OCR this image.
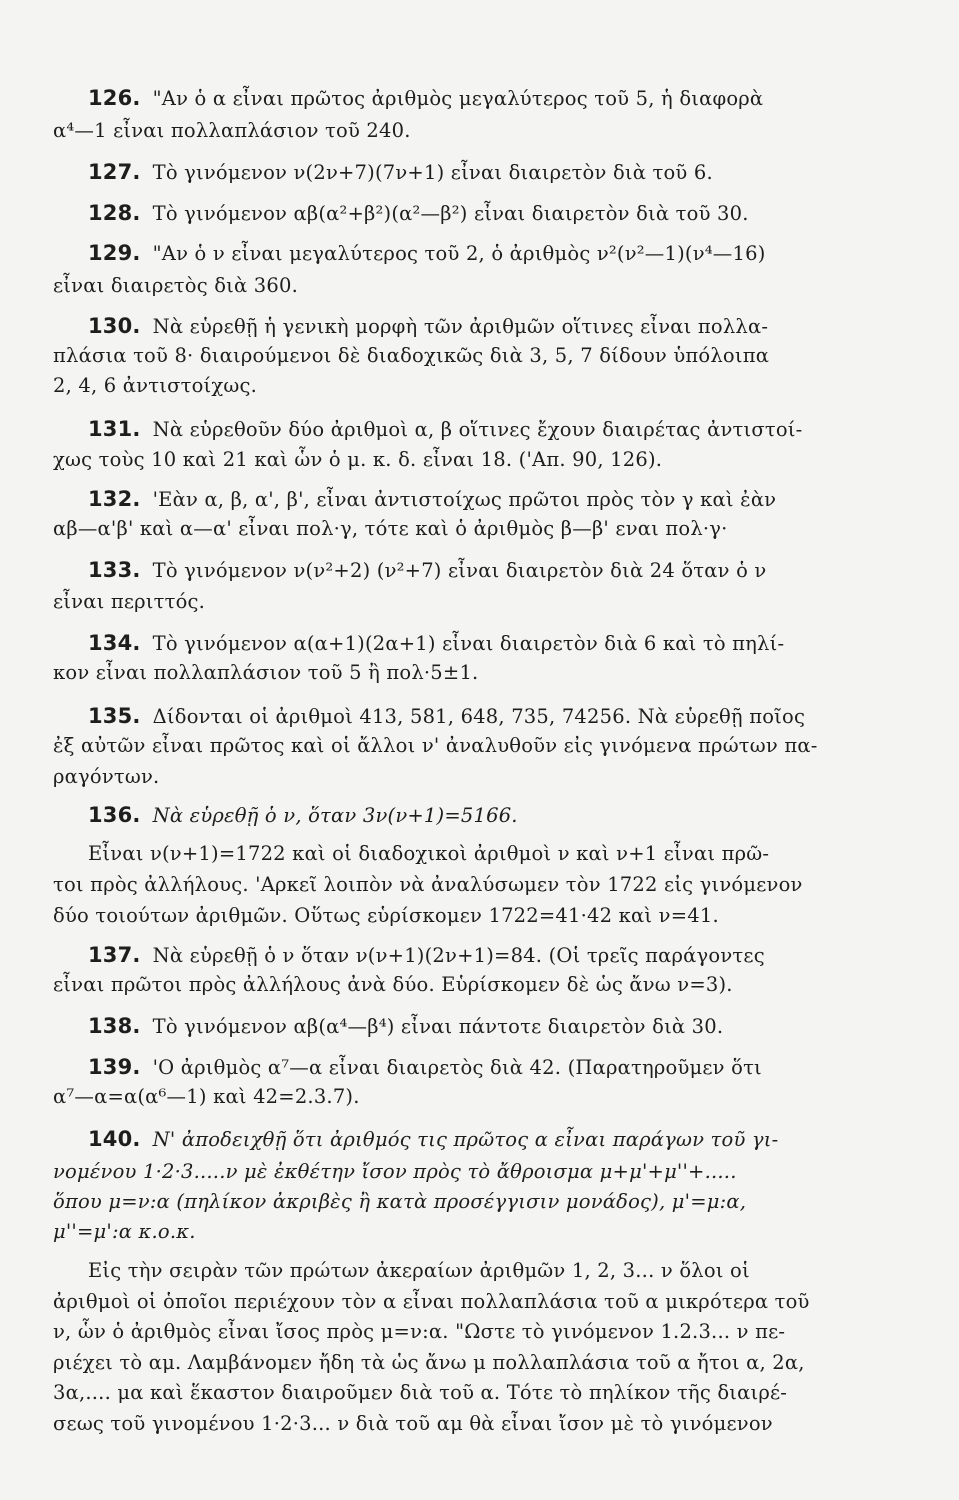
126. "Αν ὁ α εἶναι πρῶτος ἀριθμὸς μεγαλύτερος τοῦ 5, ἡ διαφορὰ
α⁴—1 εἶναι πολλαπλάσιον τοῦ 240.
127. Τὸ γινόμενον ν(2ν+7)(7ν+1) εἶναι διαιρετὸν διὰ τοῦ 6.
128. Τὸ γινόμενον αβ(α²+β²)(α²—β²) εἶναι διαιρετὸν διὰ τοῦ 30.
129. "Αν ὁ ν εἶναι μεγαλύτερος τοῦ 2, ὁ ἀριθμὸς ν²(ν²—1)(ν⁴—16)
εἶναι διαιρετὸς διὰ 360.
130. Νὰ εὑρεθῇ ἡ γενικὴ μορφὴ τῶν ἀριθμῶν οἵτινες εἶναι πολλα-
πλάσια τοῦ 8· διαιρούμενοι δὲ διαδοχικῶς διὰ 3, 5, 7 δίδουν ὑπόλοιπα
2, 4, 6 ἀντιστοίχως.
131. Νὰ εὑρεθοῦν δύο ἀριθμοὶ α, β οἵτινες ἔχουν διαιρέτας ἀντιστοί-
χως τοὺς 10 καὶ 21 καὶ ὧν ὁ μ. κ. δ. εἶναι 18. ('Απ. 90, 126).
132. 'Εὰν α, β, α', β', εἶναι ἀντιστοίχως πρῶτοι πρὸς τὸν γ καὶ ἐὰν
αβ—α'β' καὶ α—α' εἶναι πολ·γ, τότε καὶ ὁ ἀριθμὸς β—β' εναι πολ·γ·
133. Τὸ γινόμενον ν(ν²+2) (ν²+7) εἶναι διαιρετὸν διὰ 24 ὅταν ὁ ν
εἶναι περιττός.
134. Τὸ γινόμενον α(α+1)(2α+1) εἶναι διαιρετὸν διὰ 6 καὶ τὸ πηλί-
κον εἶναι πολλαπλάσιον τοῦ 5 ἢ πολ·5±1.
135. Δίδονται οἱ ἀριθμοὶ 413, 581, 648, 735, 74256. Νὰ εὑρεθῇ ποῖος
ἐξ αὐτῶν εἶναι πρῶτος καὶ οἱ ἄλλοι ν' ἀναλυθοῦν εἰς γινόμενα πρώτων πα-
ραγόντων.
136. Νὰ εὑρεθῇ ὁ ν, ὅταν 3ν(ν+1)=5166.
Εἶναι ν(ν+1)=1722 καὶ οἱ διαδοχικοὶ ἀριθμοὶ ν καὶ ν+1 εἶναι πρῶ-
τοι πρὸς ἀλλήλους. 'Αρκεῖ λοιπὸν νὰ ἀναλύσωμεν τὸν 1722 εἰς γινόμενον
δύο τοιούτων ἀριθμῶν. Οὕτως εὑρίσκομεν 1722=41·42 καὶ ν=41.
137. Νὰ εὑρεθῇ ὁ ν ὅταν ν(ν+1)(2ν+1)=84. (Οἱ τρεῖς παράγοντες
εἶναι πρῶτοι πρὸς ἀλλήλους ἀνὰ δύο. Εὑρίσκομεν δὲ ὡς ἄνω ν=3).
138. Τὸ γινόμενον αβ(α⁴—β⁴) εἶναι πάντοτε διαιρετὸν διὰ 30.
139. 'Ο ἀριθμὸς α⁷—α εἶναι διαιρετὸς διὰ 42. (Παρατηροῦμεν ὅτι
α⁷—α=α(α⁶—1) καὶ 42=2.3.7).
140. Ν' ἀποδειχθῇ ὅτι ἀριθμός τις πρῶτος α εἶναι παράγων τοῦ γι-
νομένου 1·2·3.....ν μὲ ἐκθέτην ἴσον πρὸς τὸ ἄθροισμα μ+μ'+μ''+.....
ὅπου μ=ν:α (πηλίκον ἀκριβὲς ἢ κατὰ προσέγγισιν μονάδος), μ'=μ:α,
μ''=μ':α κ.ο.κ.
Εἰς τὴν σειρὰν τῶν πρώτων ἀκεραίων ἀριθμῶν 1, 2, 3... ν ὅλοι οἱ
ἀριθμοὶ οἱ ὁποῖοι περιέχουν τὸν α εἶναι πολλαπλάσια τοῦ α μικρότερα τοῦ
ν, ὧν ὁ ἀριθμὸς εἶναι ἴσος πρὸς μ=ν:α. "Ωστε τὸ γινόμενον 1.2.3... ν πε-
ριέχει τὸ αμ. Λαμβάνομεν ἤδη τὰ ὡς ἄνω μ πολλαπλάσια τοῦ α ἤτοι α, 2α,
3α,.... μα καὶ ἕκαστον διαιροῦμεν διὰ τοῦ α. Τότε τὸ πηλίκον τῆς διαιρέ-
σεως τοῦ γινομένου 1·2·3... ν διὰ τοῦ αμ θὰ εἶναι ἴσον μὲ τὸ γινόμενον
